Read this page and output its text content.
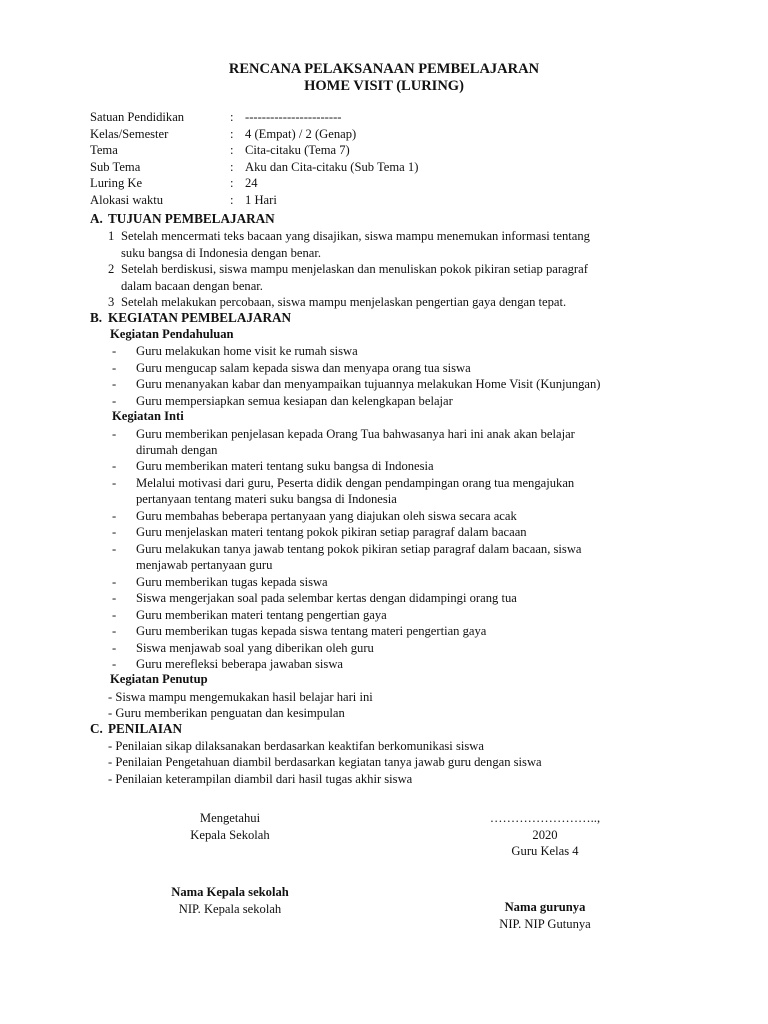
RENCANA PELAKSANAAN PEMBELAJARAN
HOME VISIT (LURING)
Satuan Pendidikan	: -----------------------
Kelas/Semester	: 4 (Empat) / 2 (Genap)
Tema	: Cita-citaku (Tema 7)
Sub Tema	: Aku dan Cita-citaku (Sub Tema 1)
Luring Ke	: 24
Alokasi waktu	: 1 Hari
A. TUJUAN PEMBELAJARAN
1 Setelah mencermati teks bacaan yang disajikan, siswa mampu menemukan informasi tentang
suku bangsa di Indonesia dengan benar.
2 Setelah berdiskusi, siswa mampu menjelaskan dan menuliskan pokok pikiran setiap paragraf
dalam bacaan dengan benar.
3 Setelah melakukan percobaan, siswa mampu menjelaskan pengertian gaya dengan tepat.
B. KEGIATAN PEMBELAJARAN
Kegiatan Pendahuluan
- Guru melakukan home visit ke rumah siswa
- Guru mengucap salam kepada siswa dan menyapa orang tua siswa
- Guru menanyakan kabar dan menyampaikan tujuannya melakukan Home Visit (Kunjungan)
- Guru mempersiapkan semua kesiapan dan kelengkapan belajar
Kegiatan Inti
- Guru memberikan penjelasan kepada Orang Tua bahwasanya hari ini anak akan belajar
dirumah dengan
- Guru memberikan materi tentang suku bangsa di Indonesia
- Melalui motivasi dari guru, Peserta didik dengan pendampingan orang tua mengajukan
pertanyaan tentang materi suku bangsa di Indonesia
- Guru membahas beberapa pertanyaan yang diajukan oleh siswa secara acak
- Guru menjelaskan materi tentang pokok pikiran setiap paragraf dalam bacaan
- Guru melakukan tanya jawab tentang pokok pikiran setiap paragraf dalam bacaan, siswa
menjawab pertanyaan guru
- Guru memberikan tugas kepada siswa
- Siswa mengerjakan soal pada selembar kertas dengan didampingi orang tua
- Guru memberikan materi tentang pengertian gaya
- Guru memberikan tugas kepada siswa tentang materi pengertian gaya
- Siswa menjawab soal yang diberikan oleh guru
- Guru merefleksi beberapa jawaban siswa
Kegiatan Penutup
- Siswa mampu mengemukakan hasil belajar hari ini
- Guru memberikan penguatan dan kesimpulan
C. PENILAIAN
- Penilaian sikap dilaksanakan berdasarkan keaktifan berkomunikasi siswa
- Penilaian Pengetahuan diambil berdasarkan kegiatan tanya jawab guru dengan siswa
- Penilaian keterampilan diambil dari hasil tugas akhir siswa
Mengetahui
Kepala Sekolah
Nama Kepala sekolah
NIP. Kepala sekolah
……………………..,
2020
Guru Kelas 4
Nama gurunya
NIP. NIP Gutunya
